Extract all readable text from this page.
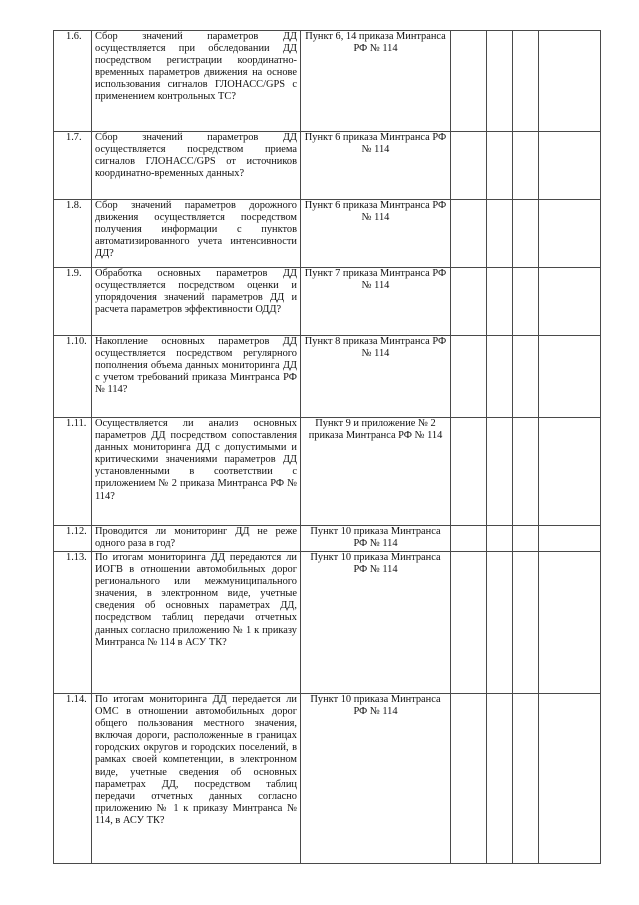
1.6.	Сбор значений параметров ДД осуществляется при обследовании ДД посредством регистрации координатно-временных параметров движения на основе использования сигналов ГЛОНАСС/GPS с применением контрольных ТС?	Пункт 6, 14 приказа Минтранса РФ № 114				
1.7.	Сбор значений параметров ДД осуществляется посредством приема сигналов ГЛОНАСС/GPS от источников координатно-временных данных?	Пункт 6 приказа Минтранса РФ № 114				
1.8.	Сбор значений параметров дорожного движения осуществляется посредством получения информации с пунктов автоматизированного учета интенсивности ДД?	Пункт 6 приказа Минтранса РФ № 114				
1.9.	Обработка основных параметров ДД осуществляется посредством оценки и упорядочения значений параметров ДД и расчета параметров эффективности ОДД?	Пункт 7 приказа Минтранса РФ № 114				
1.10.	Накопление основных параметров ДД осуществляется посредством регулярного пополнения объема данных мониторинга ДД с учетом требований приказа Минтранса РФ № 114?	Пункт 8 приказа Минтранса РФ № 114				
1.11.	Осуществляется ли анализ основных параметров ДД посредством сопоставления данных мониторинга ДД с допустимыми и критическими значениями параметров ДД установленными в соответствии с приложением № 2 приказа Минтранса РФ № 114?	Пункт 9 и приложение № 2 приказа Минтранса РФ № 114				
1.12.	Проводится ли мониторинг ДД не реже одного раза в год?	Пункт 10 приказа Минтранса РФ № 114				
1.13.	По итогам мониторинга ДД передаются ли ИОГВ в отношении автомобильных дорог регионального или межмуниципального значения, в электронном виде, учетные сведения об основных параметрах ДД, посредством таблиц передачи отчетных данных согласно приложению № 1 к приказу Минтранса № 114 в АСУ ТК?	Пункт 10 приказа Минтранса РФ № 114				
1.14.	По итогам мониторинга ДД передается ли ОМС в отношении автомобильных дорог общего пользования местного значения, включая дороги, расположенные в границах городских округов и городских поселений, в рамках своей компетенции, в электронном виде, учетные сведения об основных параметрах ДД, посредством таблиц передачи отчетных данных согласно приложению № 1 к приказу Минтранса № 114, в АСУ ТК?	Пункт 10 приказа Минтранса РФ № 114				
